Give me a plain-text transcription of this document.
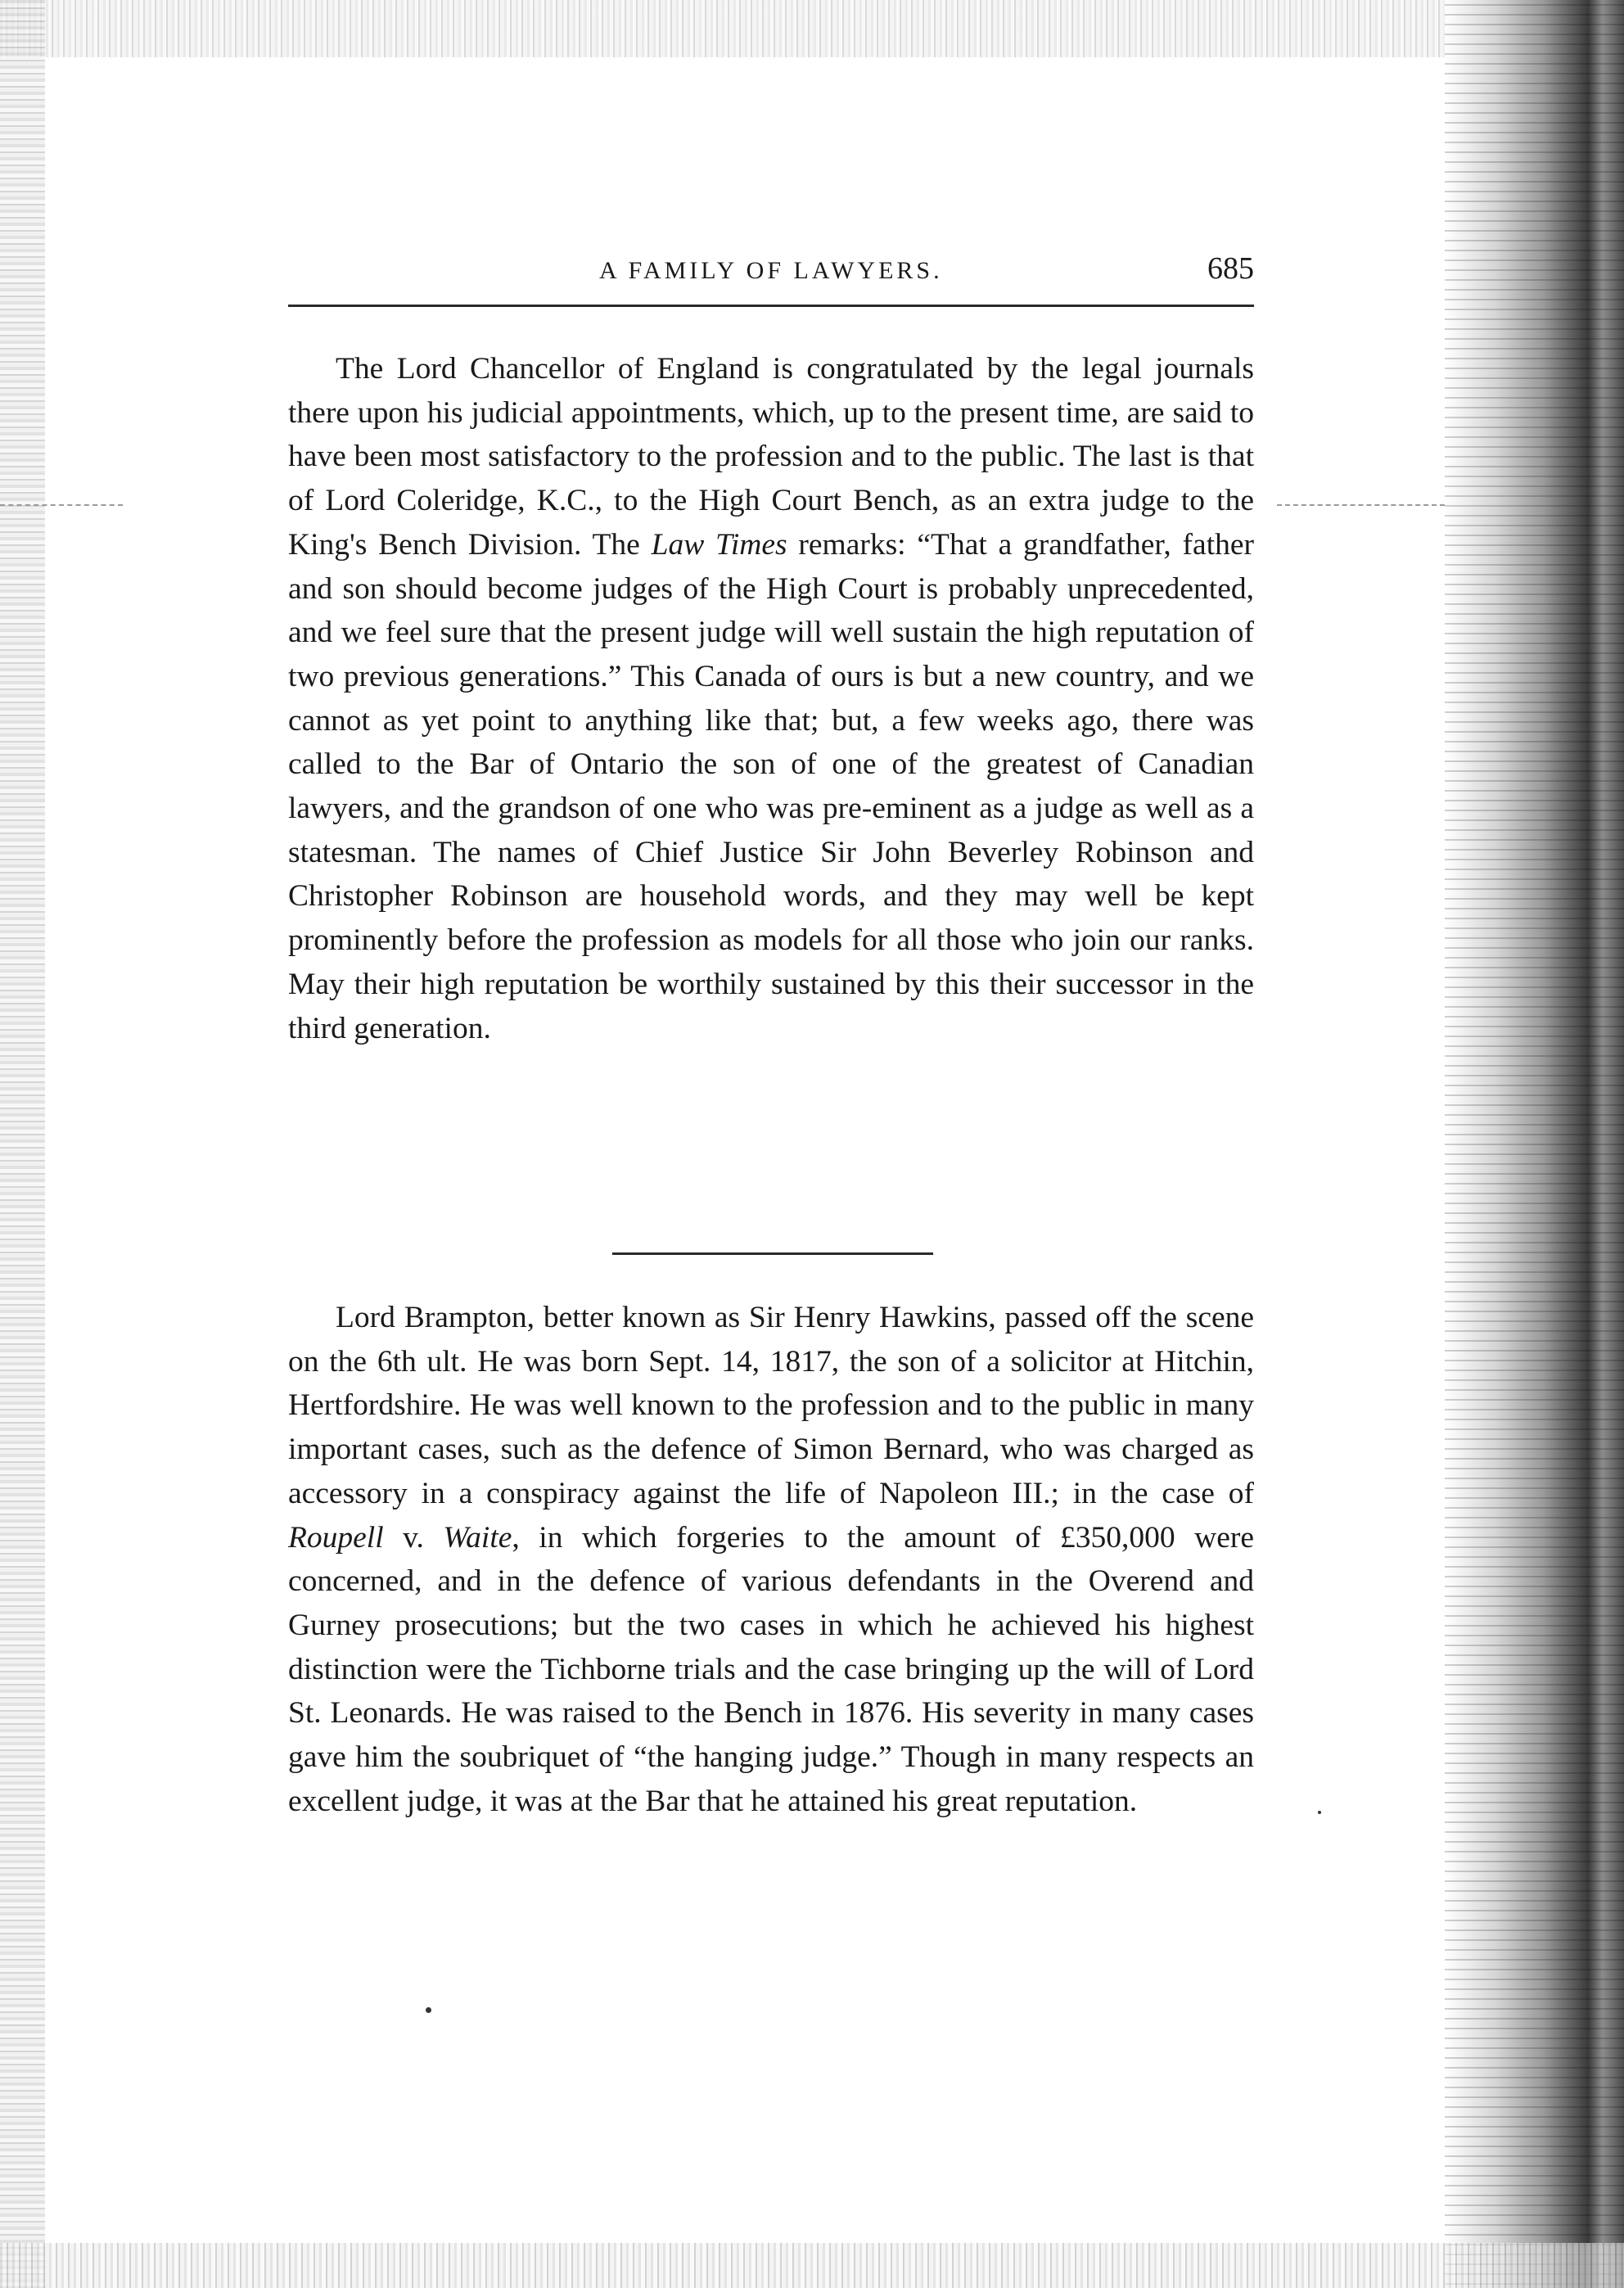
A FAMILY OF LAWYERS.	685

The Lord Chancellor of England is congratulated by the legal journals there upon his judicial appointments, which, up to the present time, are said to have been most satisfactory to the profession and to the public. The last is that of Lord Coleridge, K.C., to the High Court Bench, as an extra judge to the King's Bench Division. The Law Times remarks: “That a grandfather, father and son should become judges of the High Court is probably unprecedented, and we feel sure that the present judge will well sustain the high reputation of two previous generations.” This Canada of ours is but a new country, and we cannot as yet point to anything like that; but, a few weeks ago, there was called to the Bar of Ontario the son of one of the greatest of Canadian lawyers, and the grandson of one who was pre-eminent as a judge as well as a statesman. The names of Chief Justice Sir John Beverley Robinson and Christopher Robinson are household words, and they may well be kept prominently before the profession as models for all those who join our ranks. May their high reputation be worthily sustained by this their successor in the third generation.

Lord Brampton, better known as Sir Henry Hawkins, passed off the scene on the 6th ult. He was born Sept. 14, 1817, the son of a solicitor at Hitchin, Hertfordshire. He was well known to the profession and to the public in many important cases, such as the defence of Simon Bernard, who was charged as accessory in a conspiracy against the life of Napoleon III.; in the case of Roupell v. Waite, in which forgeries to the amount of £350,000 were concerned, and in the defence of various defendants in the Overend and Gurney prosecutions; but the two cases in which he achieved his highest distinction were the Tichborne trials and the case bringing up the will of Lord St. Leonards. He was raised to the Bench in 1876. His severity in many cases gave him the soubriquet of “the hanging judge.” Though in many respects an excellent judge, it was at the Bar that he attained his great reputation.
